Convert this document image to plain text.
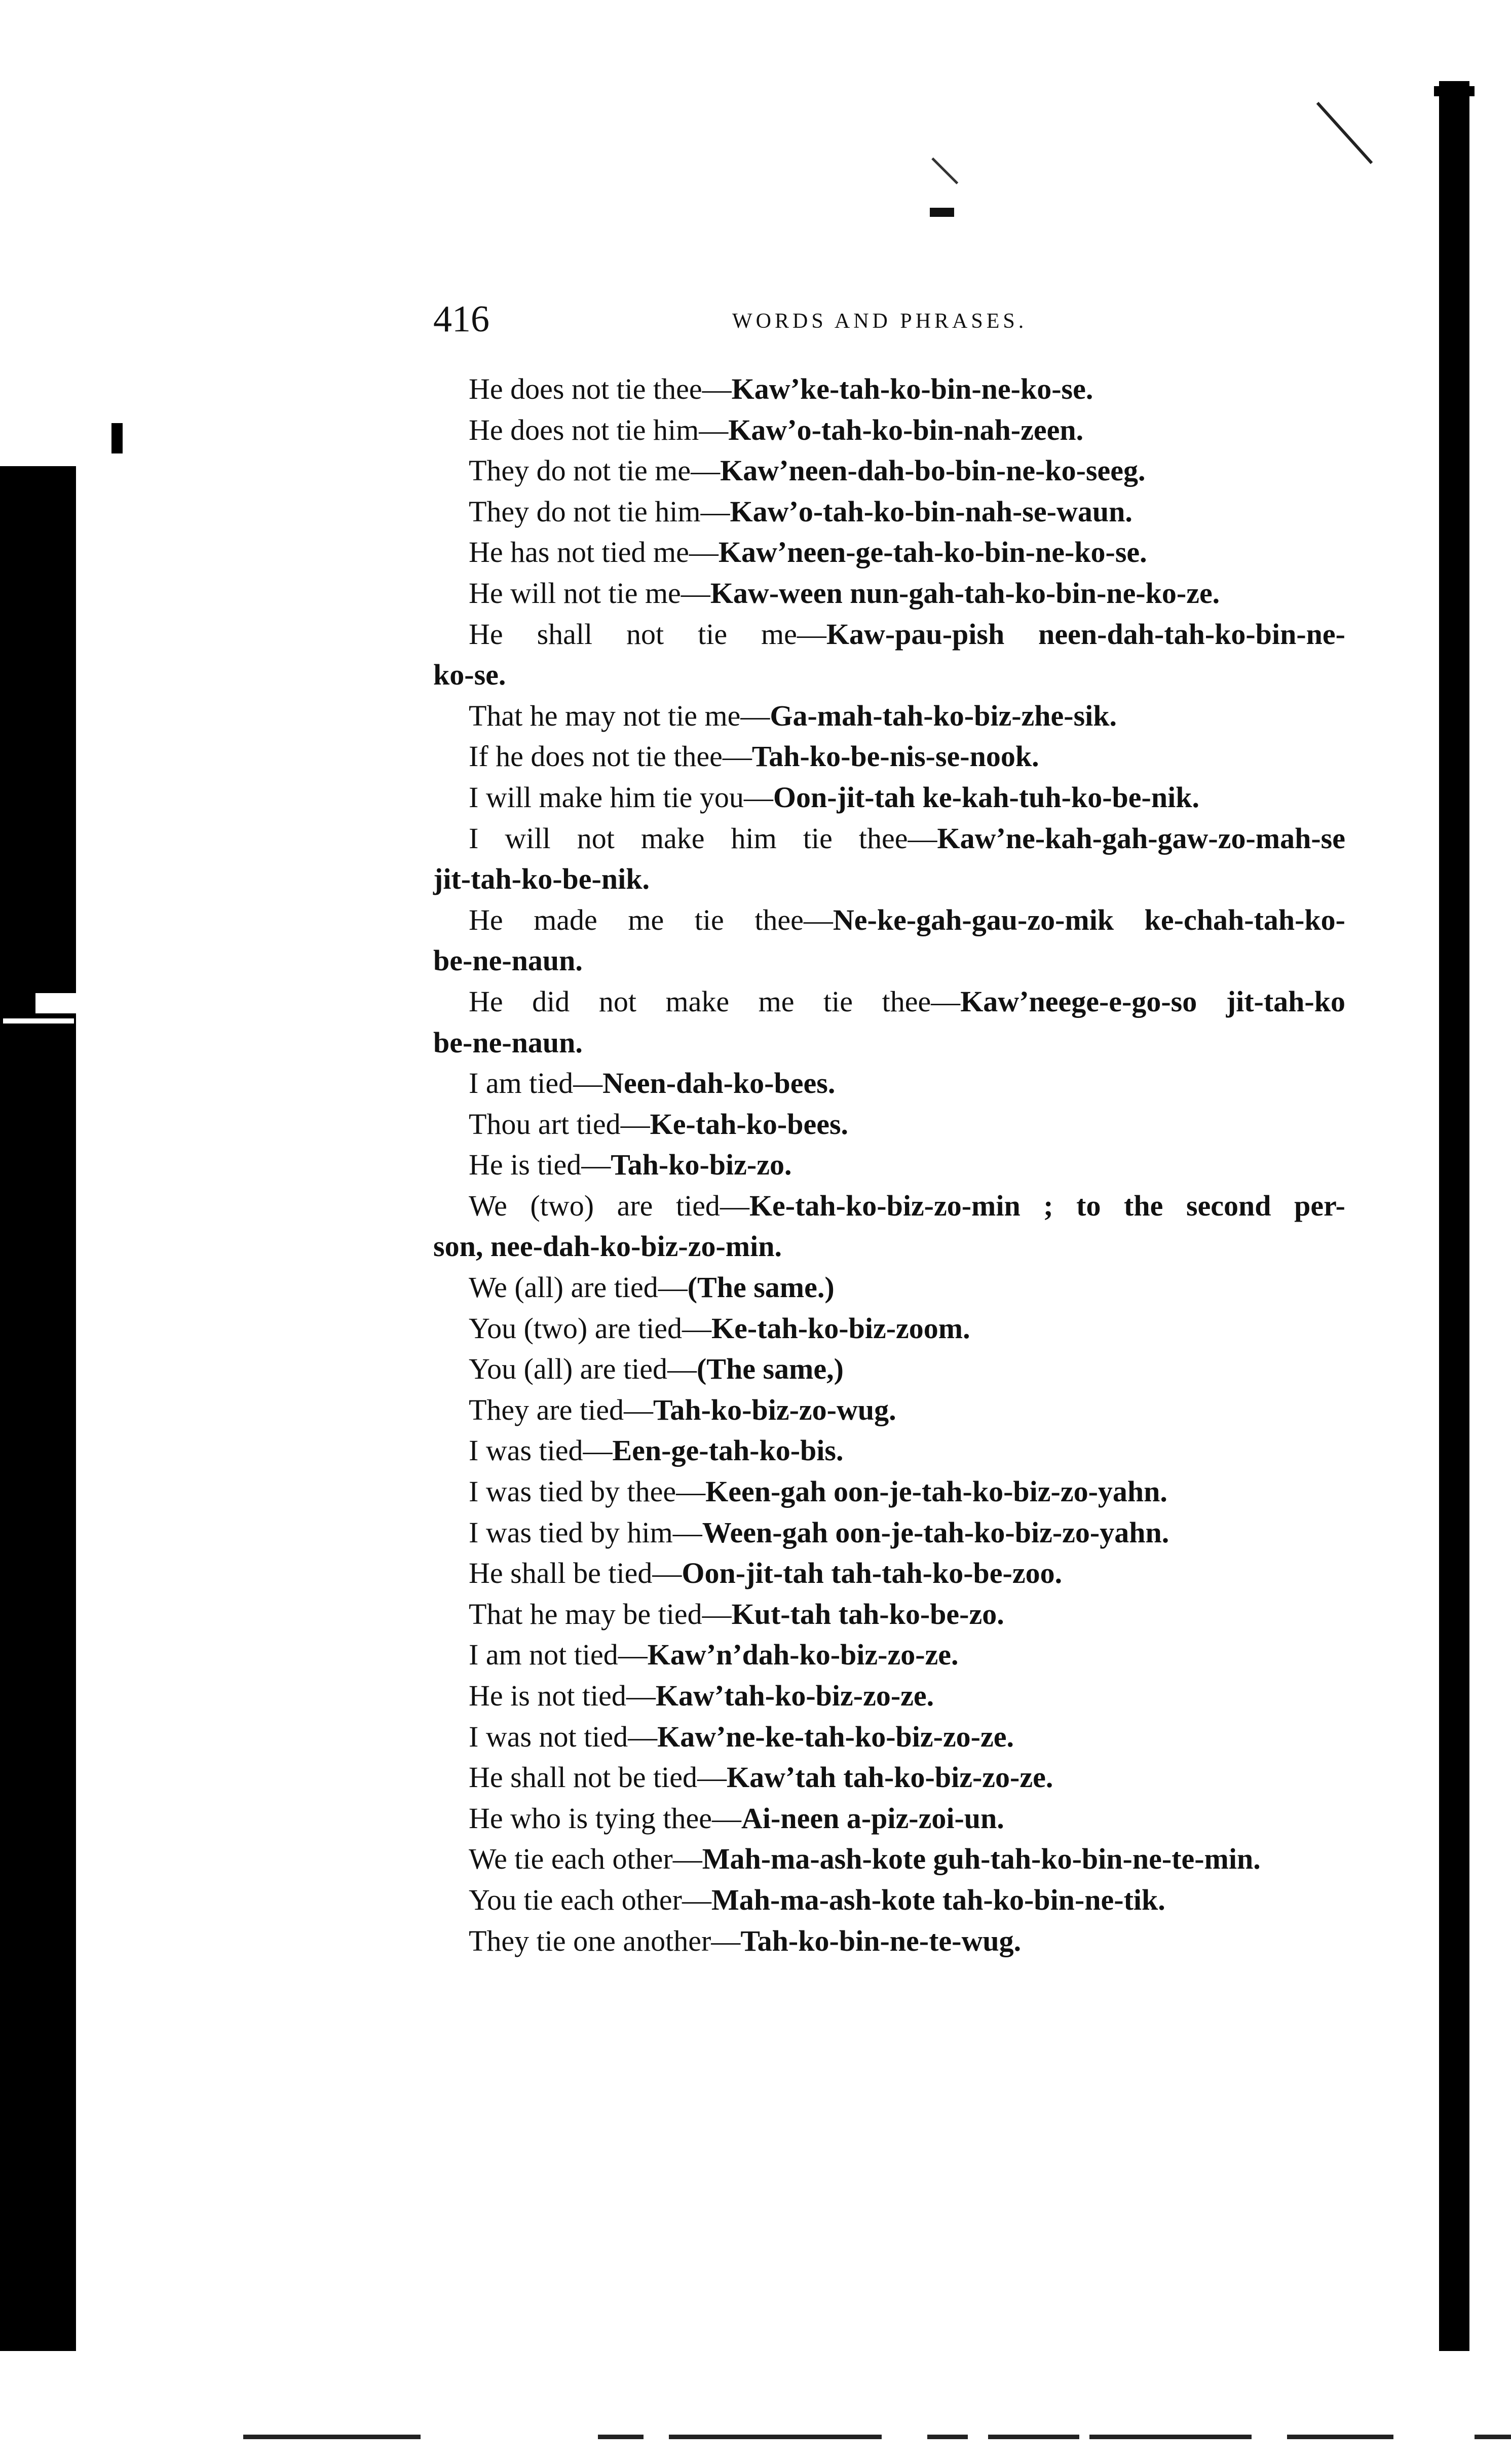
416	WORDS AND PHRASES.
He does not tie thee—Kaw’ke-tah-ko-bin-ne-ko-se.
He does not tie him—Kaw’o-tah-ko-bin-nah-zeen.
They do not tie me—Kaw’neen-dah-bo-bin-ne-ko-seeg.
They do not tie him—Kaw’o-tah-ko-bin-nah-se-waun.
He has not tied me—Kaw’neen-ge-tah-ko-bin-ne-ko-se.
He will not tie me—Kaw-ween nun-gah-tah-ko-bin-ne-ko-ze.
He shall not tie me—Kaw-pau-pish neen-dah-tah-ko-bin-ne-
ko-se.
That he may not tie me—Ga-mah-tah-ko-biz-zhe-sik.
If he does not tie thee—Tah-ko-be-nis-se-nook.
I will make him tie you—Oon-jit-tah ke-kah-tuh-ko-be-nik.
I will not make him tie thee—Kaw’ne-kah-gah-gaw-zo-mah-se
jit-tah-ko-be-nik.
He made me tie thee—Ne-ke-gah-gau-zo-mik ke-chah-tah-ko-
be-ne-naun.
He did not make me tie thee—Kaw’neege-e-go-so jit-tah-ko
be-ne-naun.
I am tied—Neen-dah-ko-bees.
Thou art tied—Ke-tah-ko-bees.
He is tied—Tah-ko-biz-zo.
We (two) are tied—Ke-tah-ko-biz-zo-min ; to the second per-
son, nee-dah-ko-biz-zo-min.
We (all) are tied—(The same.)
You (two) are tied—Ke-tah-ko-biz-zoom.
You (all) are tied—(The same,)
They are tied—Tah-ko-biz-zo-wug.
I was tied—Een-ge-tah-ko-bis.
I was tied by thee—Keen-gah oon-je-tah-ko-biz-zo-yahn.
I was tied by him—Ween-gah oon-je-tah-ko-biz-zo-yahn.
He shall be tied—Oon-jit-tah tah-tah-ko-be-zoo.
That he may be tied—Kut-tah tah-ko-be-zo.
I am not tied—Kaw’n’dah-ko-biz-zo-ze.
He is not tied—Kaw’tah-ko-biz-zo-ze.
I was not tied—Kaw’ne-ke-tah-ko-biz-zo-ze.
He shall not be tied—Kaw’tah tah-ko-biz-zo-ze.
He who is tying thee—Ai-neen a-piz-zoi-un.
We tie each other—Mah-ma-ash-kote guh-tah-ko-bin-ne-te-min.
You tie each other—Mah-ma-ash-kote tah-ko-bin-ne-tik.
They tie one another—Tah-ko-bin-ne-te-wug.
